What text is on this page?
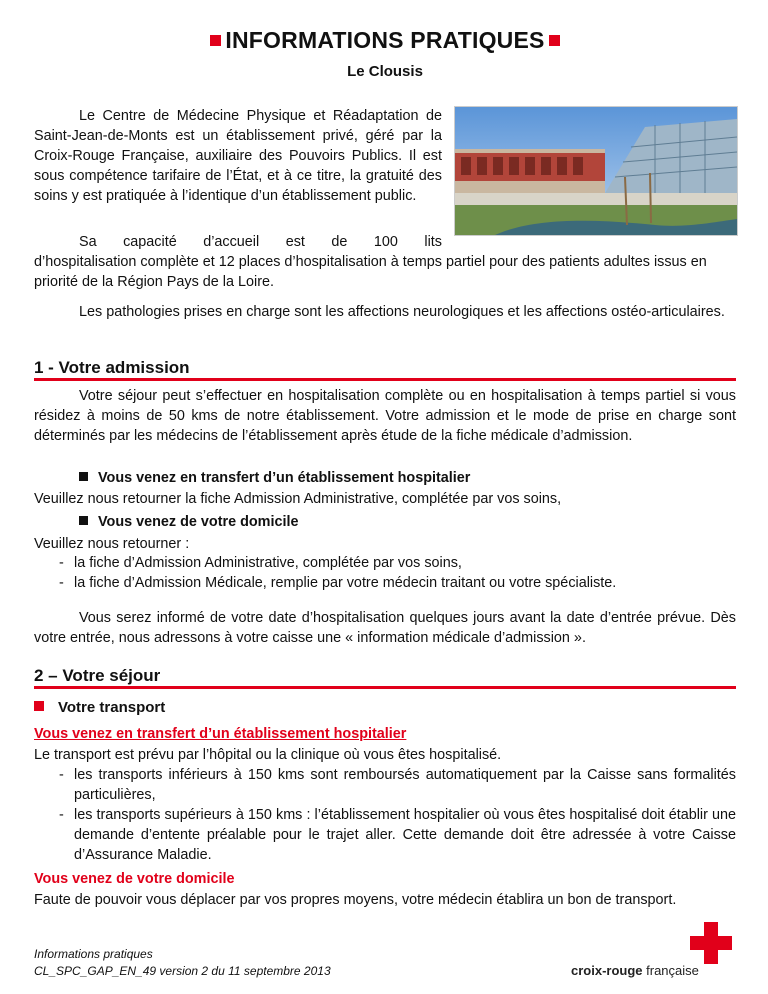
INFORMATIONS PRATIQUES
Le Clousis
Le Centre de Médecine Physique et Réadaptation de Saint-Jean-de-Monts est un établissement privé, géré par la Croix-Rouge Française, auxiliaire des Pouvoirs Publics. Il est sous compétence tarifaire de l’État, et à ce titre, la gratuité des soins y est pratiquée à l’identique d’un établissement public.
Sa capacité d’accueil est de 100 lits
d’hospitalisation complète et 12 places d’hospitalisation à temps partiel pour des patients adultes issus en priorité de la Région Pays de la Loire.
Les pathologies prises en charge sont les affections neurologiques et les affections ostéo-articulaires.
1 - Votre admission
Votre séjour peut s’effectuer en hospitalisation complète ou en hospitalisation à temps partiel si vous résidez à moins de 50 kms de notre établissement. Votre admission et le mode de prise en charge sont déterminés par les médecins de l’établissement après étude de la fiche médicale d’admission.
Vous venez en transfert d’un établissement hospitalier
Veuillez nous retourner la fiche Admission Administrative, complétée par vos soins,
Vous venez de votre domicile
Veuillez nous retourner :
- la fiche d’Admission Administrative, complétée par vos soins,
- la fiche d’Admission Médicale, remplie par votre médecin traitant ou votre spécialiste.
Vous serez informé de votre date d’hospitalisation quelques jours avant la date d’entrée prévue. Dès votre entrée, nous adressons à votre caisse une « information médicale d’admission ».
2 – Votre séjour
Votre transport
Vous venez en transfert d’un établissement hospitalier
Le transport est prévu par l’hôpital ou la clinique où vous êtes hospitalisé.
- les transports inférieurs à 150 kms sont remboursés automatiquement par la Caisse sans formalités particulières,
- les transports supérieurs à 150 kms : l’établissement hospitalier où vous êtes hospitalisé doit établir une demande d’entente préalable pour le trajet aller. Cette demande doit être adressée à votre Caisse d’Assurance Maladie.
Vous venez de votre domicile
Faute de pouvoir vous déplacer par vos propres moyens, votre médecin établira un bon de transport.
Informations pratiques
CL_SPC_GAP_EN_49 version 2 du 11 septembre 2013	croix-rouge française
